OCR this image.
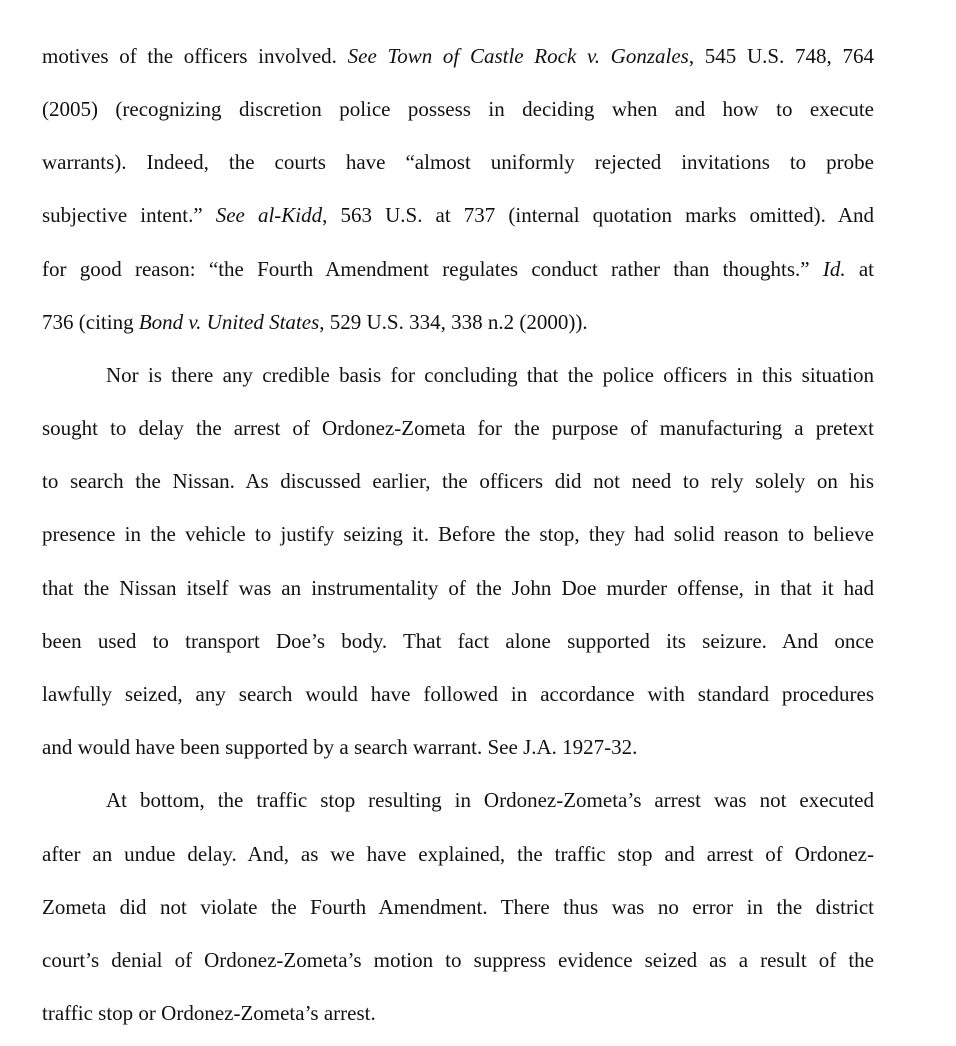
motives of the officers involved. See Town of Castle Rock v. Gonzales, 545 U.S. 748, 764
(2005) (recognizing discretion police possess in deciding when and how to execute
warrants). Indeed, the courts have “almost uniformly rejected invitations to probe
subjective intent.” See al-Kidd, 563 U.S. at 737 (internal quotation marks omitted). And
for good reason: “the Fourth Amendment regulates conduct rather than thoughts.” Id. at
736 (citing Bond v. United States, 529 U.S. 334, 338 n.2 (2000)).
Nor is there any credible basis for concluding that the police officers in this situation
sought to delay the arrest of Ordonez-Zometa for the purpose of manufacturing a pretext
to search the Nissan. As discussed earlier, the officers did not need to rely solely on his
presence in the vehicle to justify seizing it. Before the stop, they had solid reason to believe
that the Nissan itself was an instrumentality of the John Doe murder offense, in that it had
been used to transport Doe’s body. That fact alone supported its seizure. And once
lawfully seized, any search would have followed in accordance with standard procedures
and would have been supported by a search warrant. See J.A. 1927-32.
At bottom, the traffic stop resulting in Ordonez-Zometa’s arrest was not executed
after an undue delay. And, as we have explained, the traffic stop and arrest of Ordonez-
Zometa did not violate the Fourth Amendment. There thus was no error in the district
court’s denial of Ordonez-Zometa’s motion to suppress evidence seized as a result of the
traffic stop or Ordonez-Zometa’s arrest.
